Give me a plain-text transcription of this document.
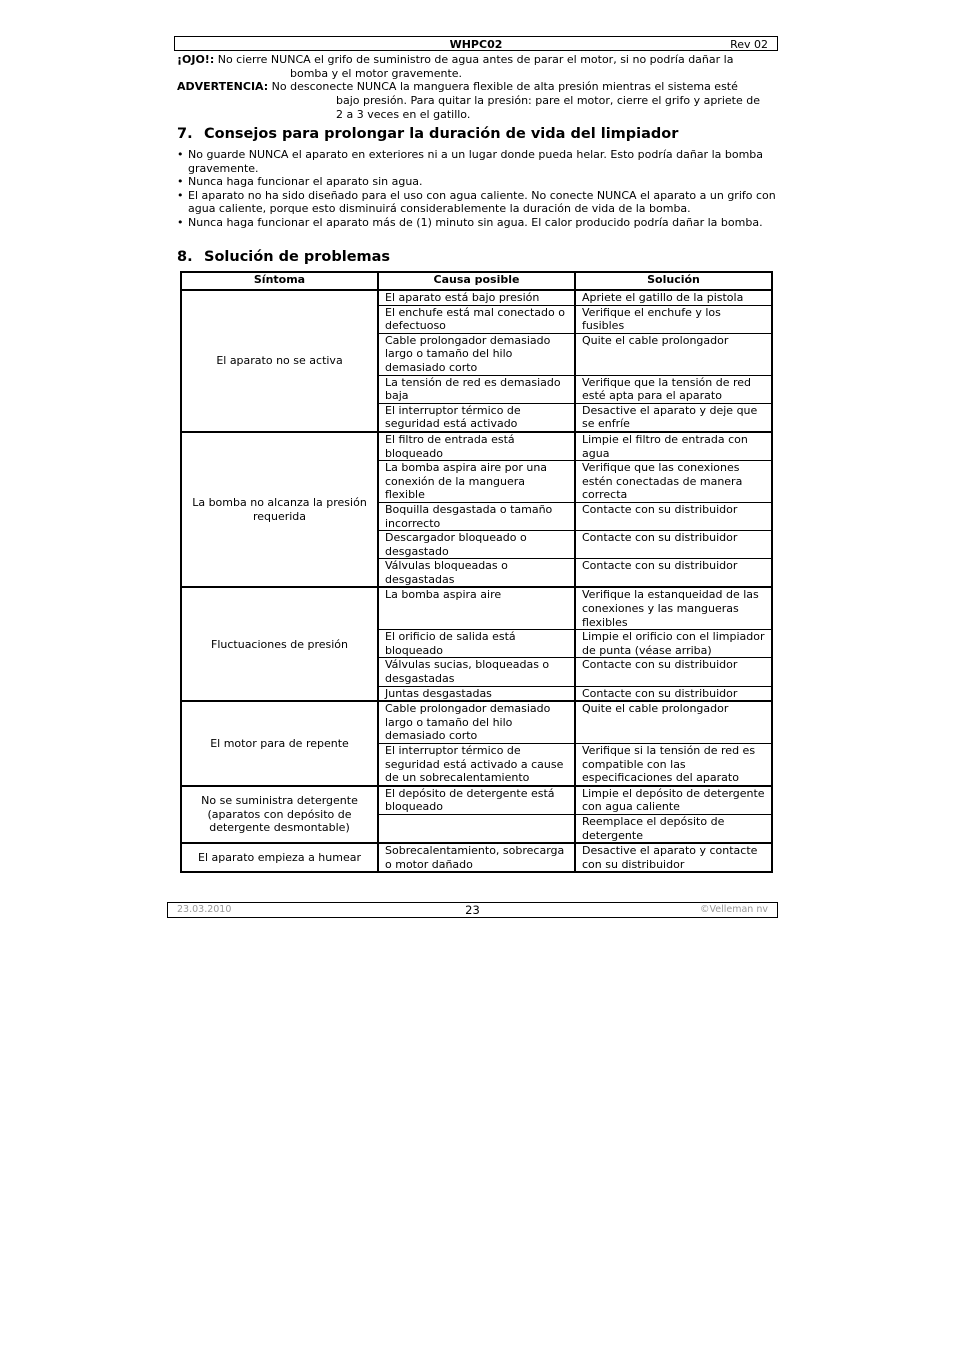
WHPC02	Rev 02
¡OJO!: No cierre NUNCA el grifo de suministro de agua antes de parar el motor, si no podría dañar la
bomba y el motor gravemente.
ADVERTENCIA: No desconecte NUNCA la manguera flexible de alta presión mientras el sistema esté
bajo presión. Para quitar la presión: pare el motor, cierre el grifo y apriete de
2 a 3 veces en el gatillo.
7. Consejos para prolongar la duración de vida del limpiador
• No guarde NUNCA el aparato en exteriores ni a un lugar donde pueda helar. Esto podría dañar la bomba gravemente.
• Nunca haga funcionar el aparato sin agua.
• El aparato no ha sido diseñado para el uso con agua caliente. No conecte NUNCA el aparato a un grifo con agua caliente, porque esto disminuirá considerablemente la duración de vida de la bomba.
• Nunca haga funcionar el aparato más de (1) minuto sin agua. El calor producido podría dañar la bomba.
8. Solución de problemas
Síntoma	Causa posible	Solución
El aparato no se activa	El aparato está bajo presión	Apriete el gatillo de la pistola
	El enchufe está mal conectado o defectuoso	Verifique el enchufe y los fusibles
	Cable prolongador demasiado largo o tamaño del hilo demasiado corto	Quite el cable prolongador
	La tensión de red es demasiado baja	Verifique que la tensión de red esté apta para el aparato
	El interruptor térmico de seguridad está activado	Desactive el aparato y deje que se enfríe
La bomba no alcanza la presión requerida	El filtro de entrada está bloqueado	Limpie el filtro de entrada con agua
	La bomba aspira aire por una conexión de la manguera flexible	Verifique que las conexiones estén conectadas de manera correcta
	Boquilla desgastada o tamaño incorrecto	Contacte con su distribuidor
	Descargador bloqueado o desgastado	Contacte con su distribuidor
	Válvulas bloqueadas o desgastadas	Contacte con su distribuidor
Fluctuaciones de presión	La bomba aspira aire	Verifique la estanqueidad de las conexiones y las mangueras flexibles
	El orificio de salida está bloqueado	Limpie el orificio con el limpiador de punta (véase arriba)
	Válvulas sucias, bloqueadas o desgastadas	Contacte con su distribuidor
	Juntas desgastadas	Contacte con su distribuidor
El motor para de repente	Cable prolongador demasiado largo o tamaño del hilo demasiado corto	Quite el cable prolongador
	El interruptor térmico de seguridad está activado a cause de un sobrecalentamiento	Verifique si la tensión de red es compatible con las especificaciones del aparato
No se suministra detergente (aparatos con depósito de detergente desmontable)	El depósito de detergente está bloqueado	Limpie el depósito de detergente con agua caliente
		Reemplace el depósito de detergente
El aparato empieza a humear	Sobrecalentamiento, sobrecarga o motor dañado	Desactive el aparato y contacte con su distribuidor
23.03.2010	23	©Velleman nv
